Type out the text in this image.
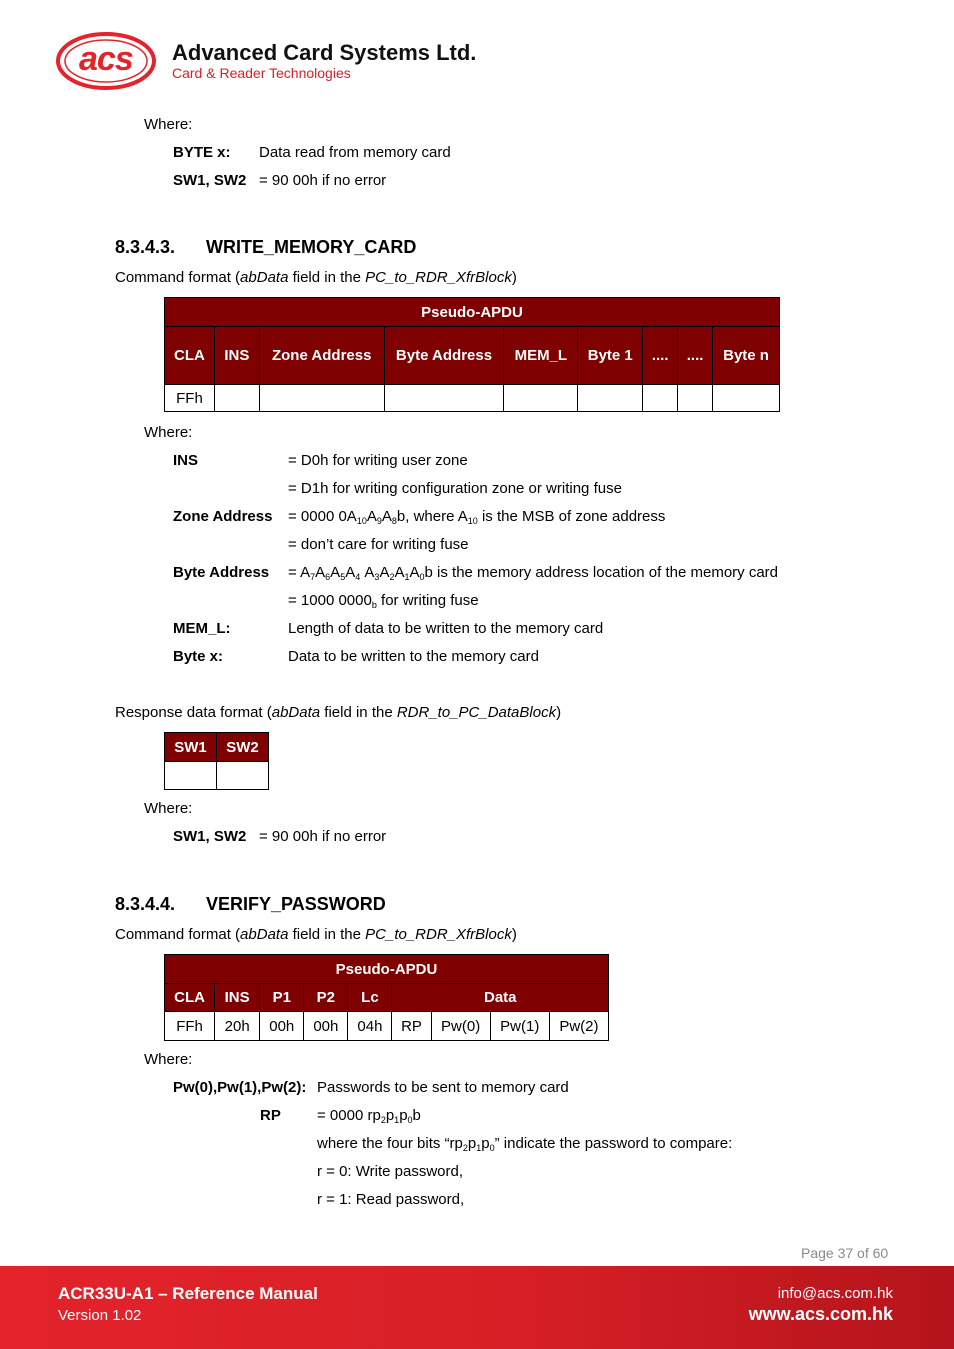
acs Advanced Card Systems Ltd.
Card & Reader Technologies
Where:
BYTE x: Data read from memory card
SW1, SW2 = 90 00h if no error
8.3.4.3. WRITE_MEMORY_CARD
Command format (abData field in the PC_to_RDR_XfrBlock)
Pseudo-APDU								
CLA	INS	Zone Address	Byte Address	MEM_L	Byte 1	....	....	Byte n
FFh								
Where:
INS	= D0h for writing user zone
= D1h for writing configuration zone or writing fuse
Zone Address = 0000 $0A_{10}A_9A_8b$, where $A_{10}$ is the MSB of zone address
= don’t care for writing fuse
Byte Address = $A_7A_6A_5A_4$ $A_3A_2A_1A_0b$ is the memory address location of the memory card
= 1000 $0000_b$ for writing fuse
MEM_L:	Length of data to be written to the memory card
Byte x:	Data to be written to the memory card
Response data format (abData field in the RDR_to_PC_DataBlock)
SW1	SW2

Where:
SW1, SW2 = 90 00h if no error
8.3.4.4. VERIFY_PASSWORD
Command format (abData field in the PC_to_RDR_XfrBlock)
Pseudo-APDU								
CLA	INS	P1	P2	Lc	Data			
FFh	20h	00h	00h	04h	RP	Pw(0)	Pw(1)	Pw(2)
Where:
Pw(0),Pw(1),Pw(2): Passwords to be sent to memory card
RP = 0000 $rp_2p_1p_0b$
where the four bits “$rp_2p_1p_0$” indicate the password to compare:
r = 0: Write password,
r = 1: Read password,
Page 37 of 60
ACR33U-A1 – Reference Manual
Version 1.02
info@acs.com.hk
www.acs.com.hk
